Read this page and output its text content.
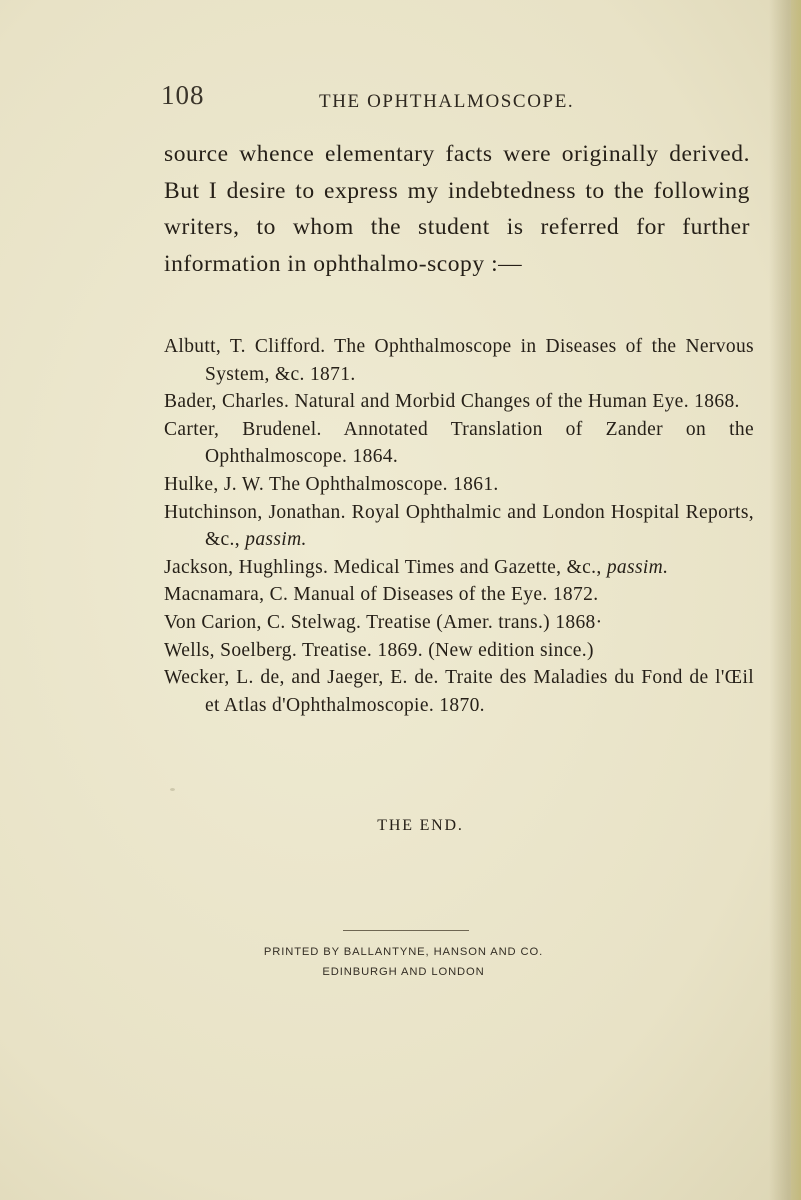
108	THE OPHTHALMOSCOPE.

source whence elementary facts were originally derived. But I desire to express my indebtedness to the following writers, to whom the student is referred for further information in ophthalmo-scopy :—

Albutt, T. Clifford. The Ophthalmoscope in Diseases of the Nervous System, &c. 1871.
Bader, Charles. Natural and Morbid Changes of the Human Eye. 1868.
Carter, Brudenel. Annotated Translation of Zander on the Ophthalmoscope. 1864.
Hulke, J. W. The Ophthalmoscope. 1861.
Hutchinson, Jonathan. Royal Ophthalmic and London Hospital Reports, &c., passim.
Jackson, Hughlings. Medical Times and Gazette, &c., passim.
Macnamara, C. Manual of Diseases of the Eye. 1872.
Von Carion, C. Stelwag. Treatise (Amer. trans.) 1868·
Wells, Soelberg. Treatise. 1869. (New edition since.)
Wecker, L. de, and Jaeger, E. de. Traite des Maladies du Fond de l'Œil et Atlas d'Ophthalmoscopie. 1870.
THE END.
PRINTED BY BALLANTYNE, HANSON AND CO.
EDINBURGH AND LONDON
